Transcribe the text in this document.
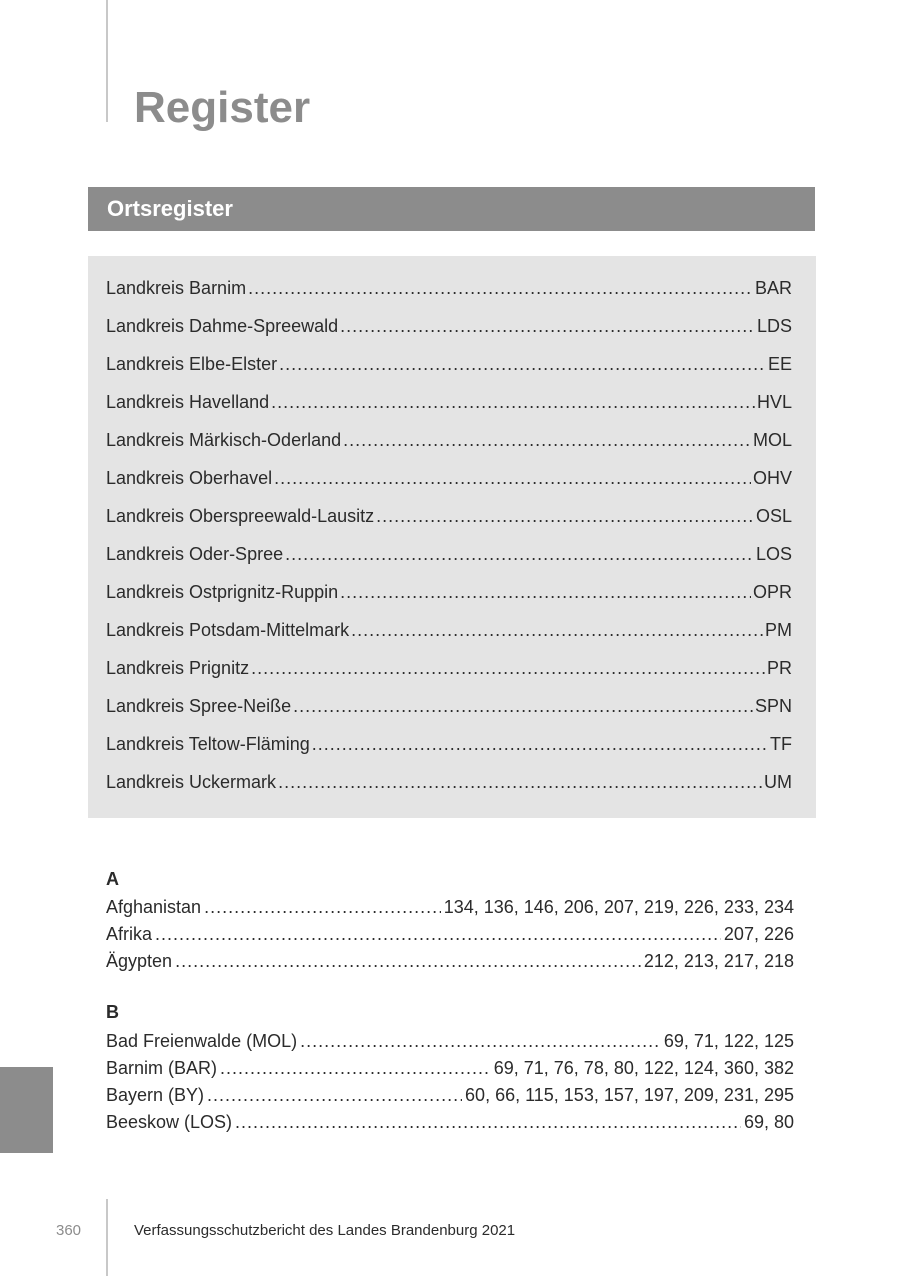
Register
Ortsregister
Landkreis Barnim .....	BAR
Landkreis Dahme-Spreewald .....	LDS
Landkreis Elbe-Elster .....	EE
Landkreis Havelland .....	HVL
Landkreis Märkisch-Oderland .....	MOL
Landkreis Oberhavel .....	OHV
Landkreis Oberspreewald-Lausitz .....	OSL
Landkreis Oder-Spree .....	LOS
Landkreis Ostprignitz-Ruppin .....	OPR
Landkreis Potsdam-Mittelmark .....	PM
Landkreis Prignitz .....	PR
Landkreis Spree-Neiße .....	SPN
Landkreis Teltow-Fläming .....	TF
Landkreis Uckermark .....	UM
A
Afghanistan .....	134, 136, 146, 206, 207, 219, 226, 233, 234
Afrika .....	207, 226
Ägypten .....	212, 213, 217, 218
B
Bad Freienwalde (MOL) .....	69, 71, 122, 125
Barnim (BAR) .....	69, 71, 76, 78, 80, 122, 124, 360, 382
Bayern (BY) .....	60, 66, 115, 153, 157, 197, 209, 231, 295
Beeskow (LOS) .....	69, 80
360	Verfassungsschutzbericht des Landes Brandenburg 2021
